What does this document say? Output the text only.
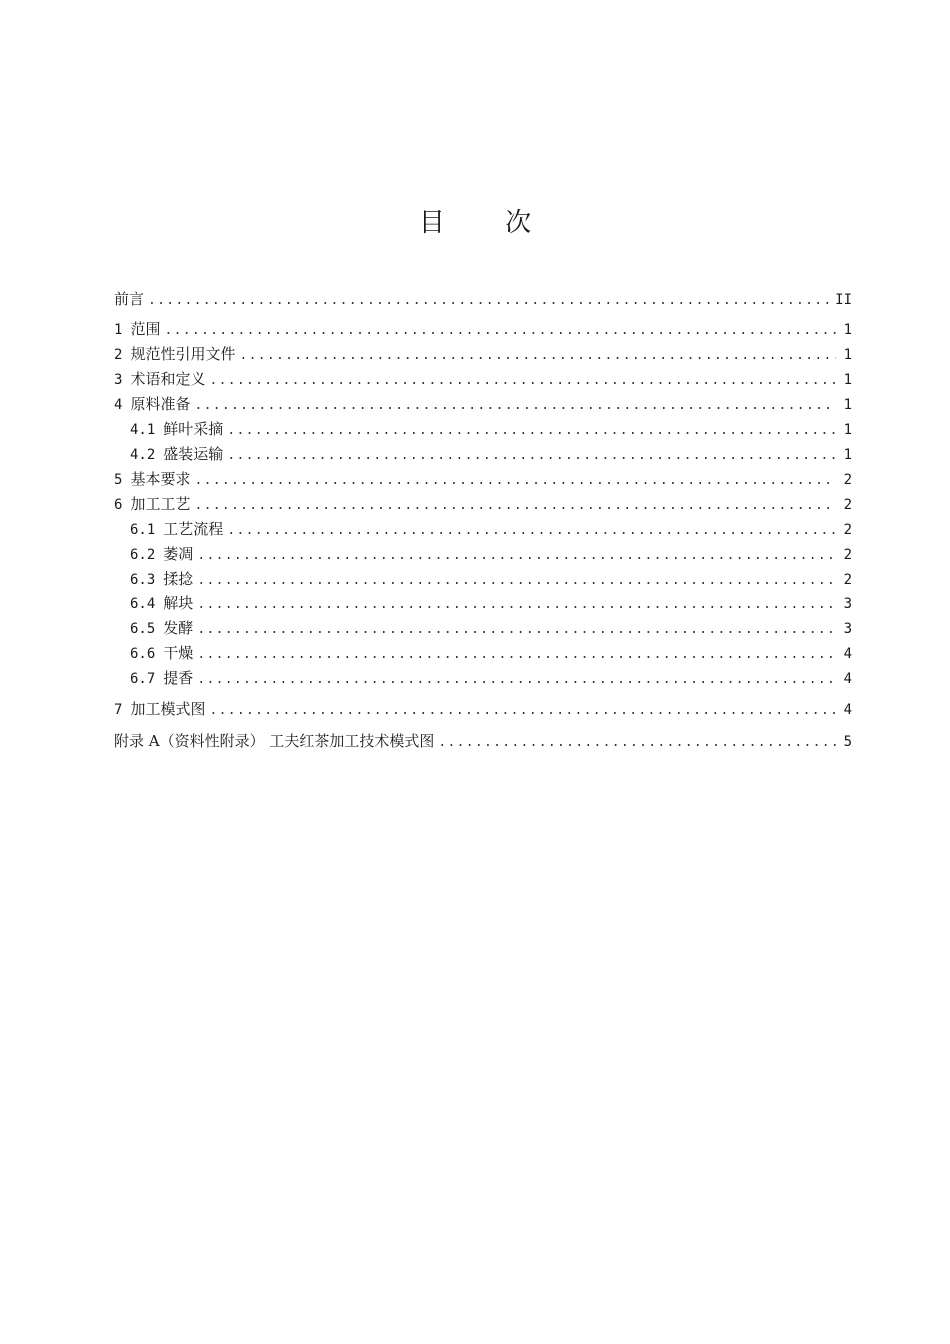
目 次
前言 .....	II
1 范围 .....	1
2 规范性引用文件 .....	1
3 术语和定义 .....	1
4 原料准备 .....	1
4.1 鲜叶采摘 .....	1
4.2 盛装运输 .....	1
5 基本要求 .....	2
6 加工工艺 .....	2
6.1 工艺流程 .....	2
6.2 萎凋 .....	2
6.3 揉捻 .....	2
6.4 解块 .....	3
6.5 发酵 .....	3
6.6 干燥 .....	4
6.7 提香 .....	4
7 加工模式图 .....	4
附录 A（资料性附录） 工夫红茶加工技术模式图 .....	5
